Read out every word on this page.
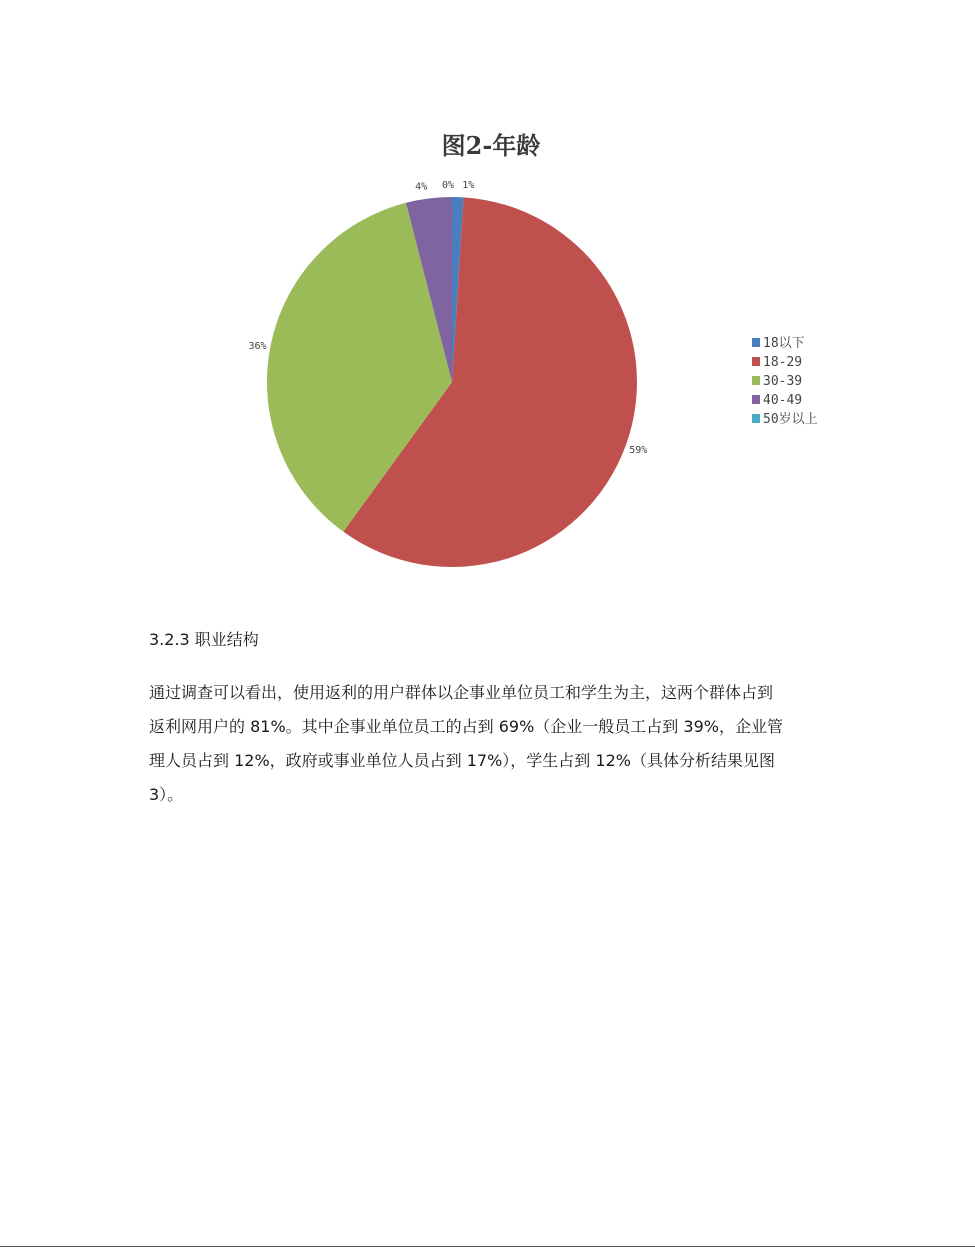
图2-年龄
1%
59%
36%
4% 0%
18以下
18-29
30-39
40-49
50岁以上
3.2.3 职业结构
通过调查可以看出，使用返利的用户群体以企事业单位员工和学生为主，这两个群体占到
返利网用户的 81%。其中企事业单位员工的占到 69%（企业一般员工占到 39%，企业管
理人员占到 12%，政府或事业单位人员占到 17%），学生占到 12%（具体分析结果见图
3）。
